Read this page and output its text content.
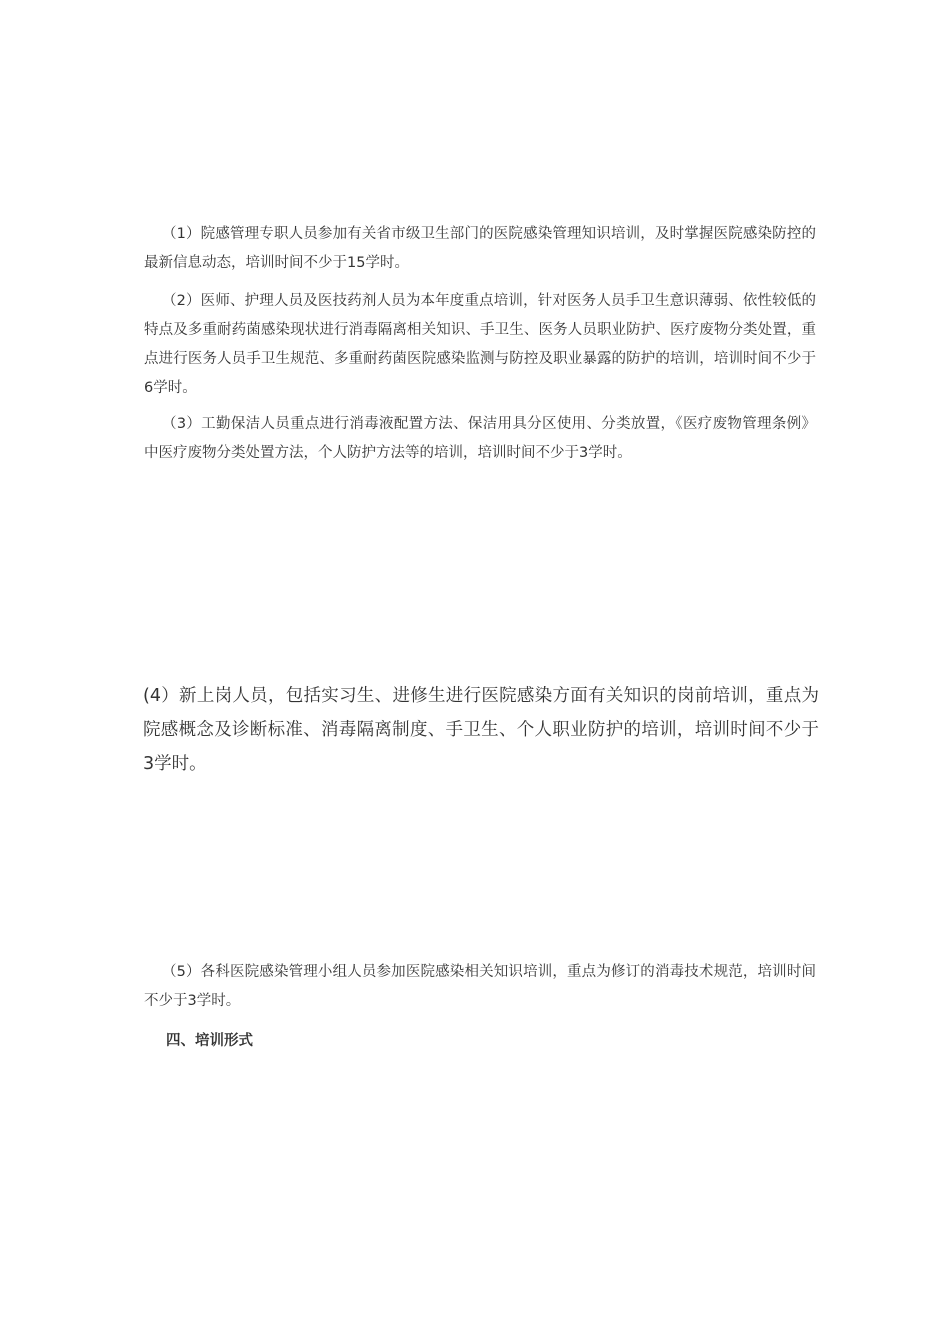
（1）院感管理专职人员参加有关省市级卫生部门的医院感染管理知识培训，及时掌握医院感染防控的最新信息动态，培训时间不少于15学时。

（2）医师、护理人员及医技药剂人员为本年度重点培训，针对医务人员手卫生意识薄弱、依性较低的特点及多重耐药菌感染现状进行消毒隔离相关知识、手卫生、医务人员职业防护、医疗废物分类处置，重点进行医务人员手卫生规范、多重耐药菌医院感染监测与防控及职业暴露的防护的培训，培训时间不少于6学时。

（3）工勤保洁人员重点进行消毒液配置方法、保洁用具分区使用、分类放置，《医疗废物管理条例》中医疗废物分类处置方法，个人防护方法等的培训，培训时间不少于3学时。

(4）新上岗人员，包括实习生、进修生进行医院感染方面有关知识的岗前培训，重点为院感概念及诊断标准、消毒隔离制度、手卫生、个人职业防护的培训，培训时间不少于3学时。

（5）各科医院感染管理小组人员参加医院感染相关知识培训，重点为修订的消毒技术规范，培训时间不少于3学时。

四、培训形式
